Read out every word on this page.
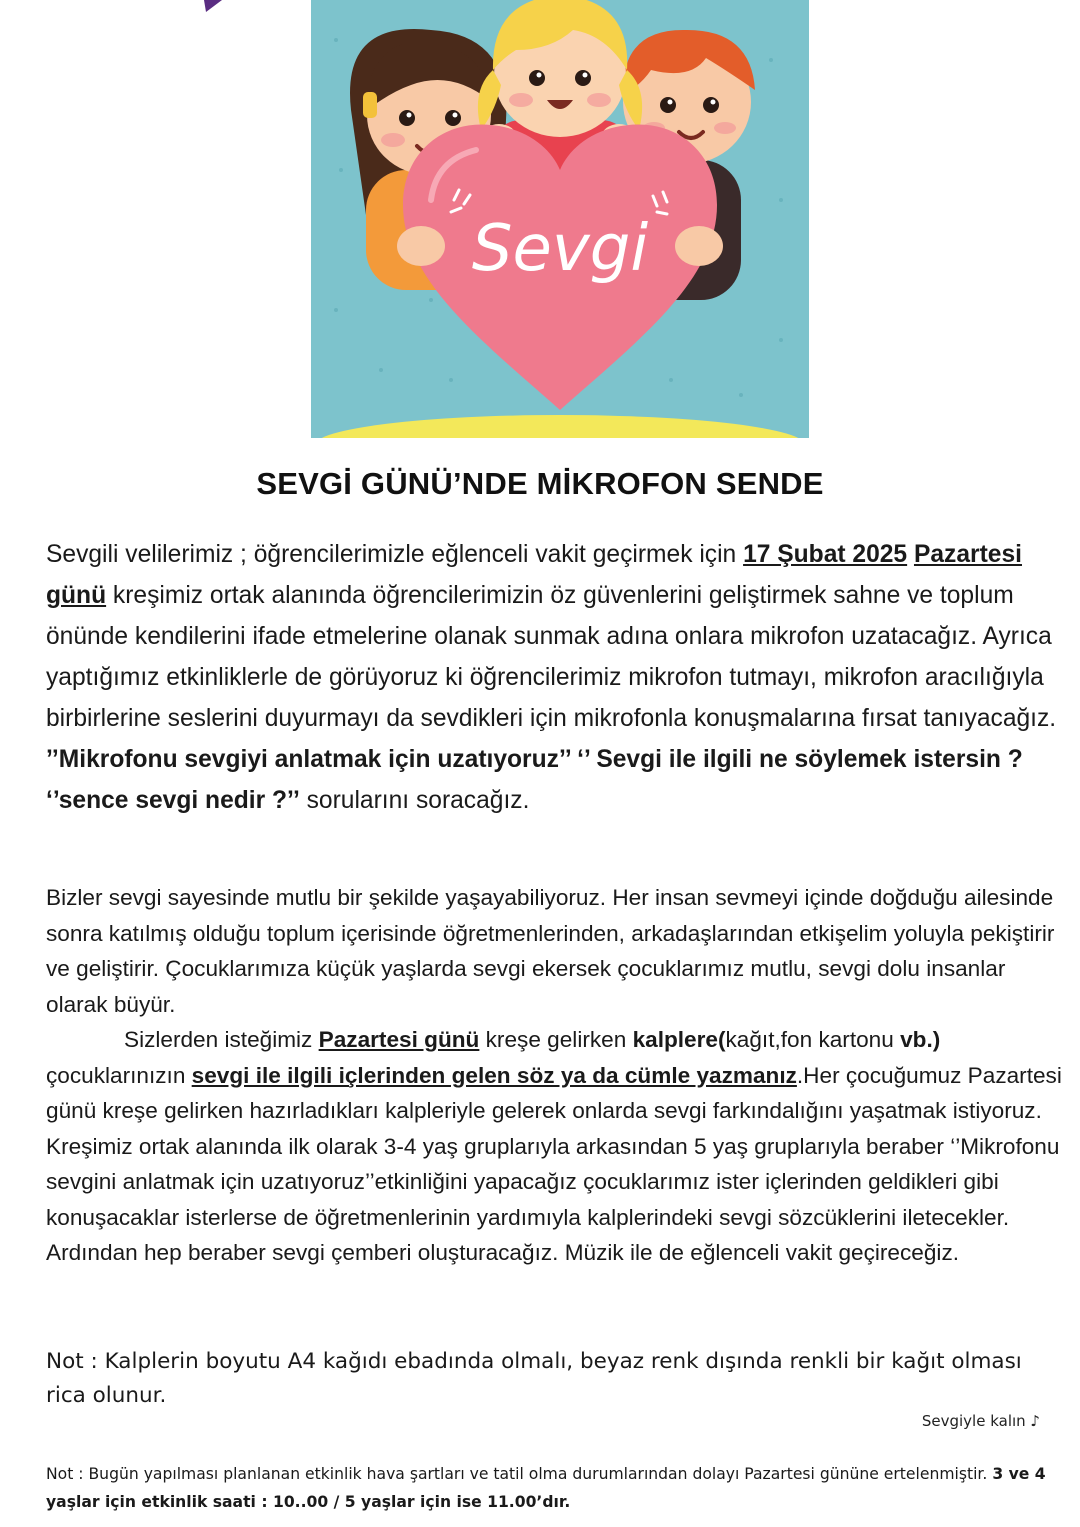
Sevgi
SEVGİ GÜNÜ’NDE MİKROFON SENDE

Sevgili velilerimiz ; öğrencilerimizle eğlenceli vakit geçirmek için 17 Şubat 2025 Pazartesi günü kreşimiz ortak alanında öğrencilerimizin öz güvenlerini geliştirmek sahne ve toplum önünde kendilerini ifade etmelerine olanak sunmak adına onlara mikrofon uzatacağız. Ayrıca yaptığımız etkinliklerle de görüyoruz ki öğrencilerimiz mikrofon tutmayı, mikrofon aracılığıyla birbirlerine seslerini duyurmayı da sevdikleri için mikrofonla konuşmalarına fırsat tanıyacağız. ’’Mikrofonu sevgiyi anlatmak için uzatıyoruz’’ ‘’ Sevgi ile ilgili ne söylemek istersin ? ‘’sence sevgi nedir ?’’ sorularını soracağız.

Bizler sevgi sayesinde mutlu bir şekilde yaşayabiliyoruz. Her insan sevmeyi içinde doğduğu ailesinde sonra katılmış olduğu toplum içerisinde öğretmenlerinden, arkadaşlarından etkişelim yoluyla pekiştirir ve geliştirir. Çocuklarımıza küçük yaşlarda sevgi ekersek çocuklarımız mutlu, sevgi dolu insanlar olarak büyür.

Sizlerden isteğimiz Pazartesi günü kreşe gelirken kalplere(kağıt,fon kartonu vb.) çocuklarınızın sevgi ile ilgili içlerinden gelen söz ya da cümle yazmanız.Her çocuğumuz Pazartesi günü kreşe gelirken hazırladıkları kalpleriyle gelerek onlarda sevgi farkındalığını yaşatmak istiyoruz. Kreşimiz ortak alanında ilk olarak 3-4 yaş gruplarıyla arkasından 5 yaş gruplarıyla beraber ‘’Mikrofonu sevgini anlatmak için uzatıyoruz’’etkinliğini yapacağız çocuklarımız ister içlerinden geldikleri gibi konuşacaklar isterlerse de öğretmenlerinin yardımıyla kalplerindeki sevgi sözcüklerini iletecekler. Ardından hep beraber sevgi çemberi oluşturacağız. Müzik ile de eğlenceli vakit geçireceğiz.

Not : Kalplerin boyutu A4 kağıdı ebadında olmalı, beyaz renk dışında renkli bir kağıt olması rica olunur.

Sevgiyle kalın ♪

Not : Bugün yapılması planlanan etkinlik hava şartları ve tatil olma durumlarından dolayı Pazartesi gününe ertelenmiştir. 3 ve 4 yaşlar için etkinlik saati : 10..00 / 5 yaşlar için ise 11.00’dır.
